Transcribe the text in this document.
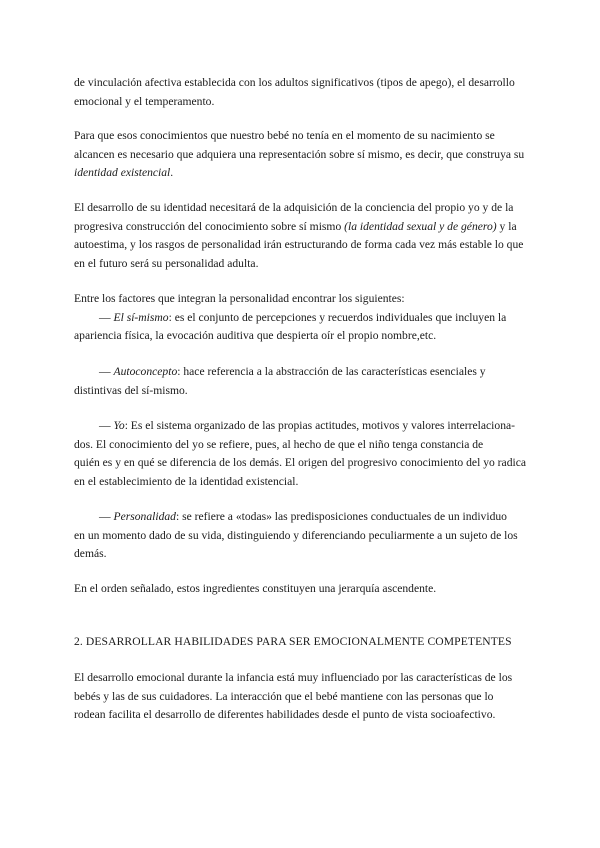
de vinculación afectiva establecida con los adultos significativos (tipos de apego), el desarrollo
emocional y el temperamento.

Para que esos conocimientos que nuestro bebé no tenía en el momento de su nacimiento se
alcancen es necesario que adquiera una representación sobre sí mismo, es decir, que construya su
identidad existencial.

El desarrollo de su identidad necesitará de la adquisición de la conciencia del propio yo y de la
progresiva construcción del conocimiento sobre sí mismo (la identidad sexual y de género) y la
autoestima, y los rasgos de personalidad irán estructurando de forma cada vez más estable lo que
en el futuro será su personalidad adulta.

Entre los factores que integran la personalidad encontrar los siguientes:
— El sí-mismo: es el conjunto de percepciones y recuerdos individuales que incluyen la
apariencia física, la evocación auditiva que despierta oír el propio nombre,etc.

— Autoconcepto: hace referencia a la abstracción de las características esenciales y
distintivas del sí-mismo.

— Yo: Es el sistema organizado de las propias actitudes, motivos y valores interrelaciona-
dos. El conocimiento del yo se refiere, pues, al hecho de que el niño tenga constancia de
quién es y en qué se diferencia de los demás. El origen del progresivo conocimiento del yo radica
en el establecimiento de la identidad existencial.

— Personalidad: se refiere a «todas» las predisposiciones conductuales de un individuo
en un momento dado de su vida, distinguiendo y diferenciando peculiarmente a un sujeto de los
demás.

En el orden señalado, estos ingredientes constituyen una jerarquía ascendente.

2. DESARROLLAR HABILIDADES PARA SER EMOCIONALMENTE COMPETENTES

El desarrollo emocional durante la infancia está muy influenciado por las características de los
bebés y las de sus cuidadores. La interacción que el bebé mantiene con las personas que lo
rodean facilita el desarrollo de diferentes habilidades desde el punto de vista socioafectivo.
